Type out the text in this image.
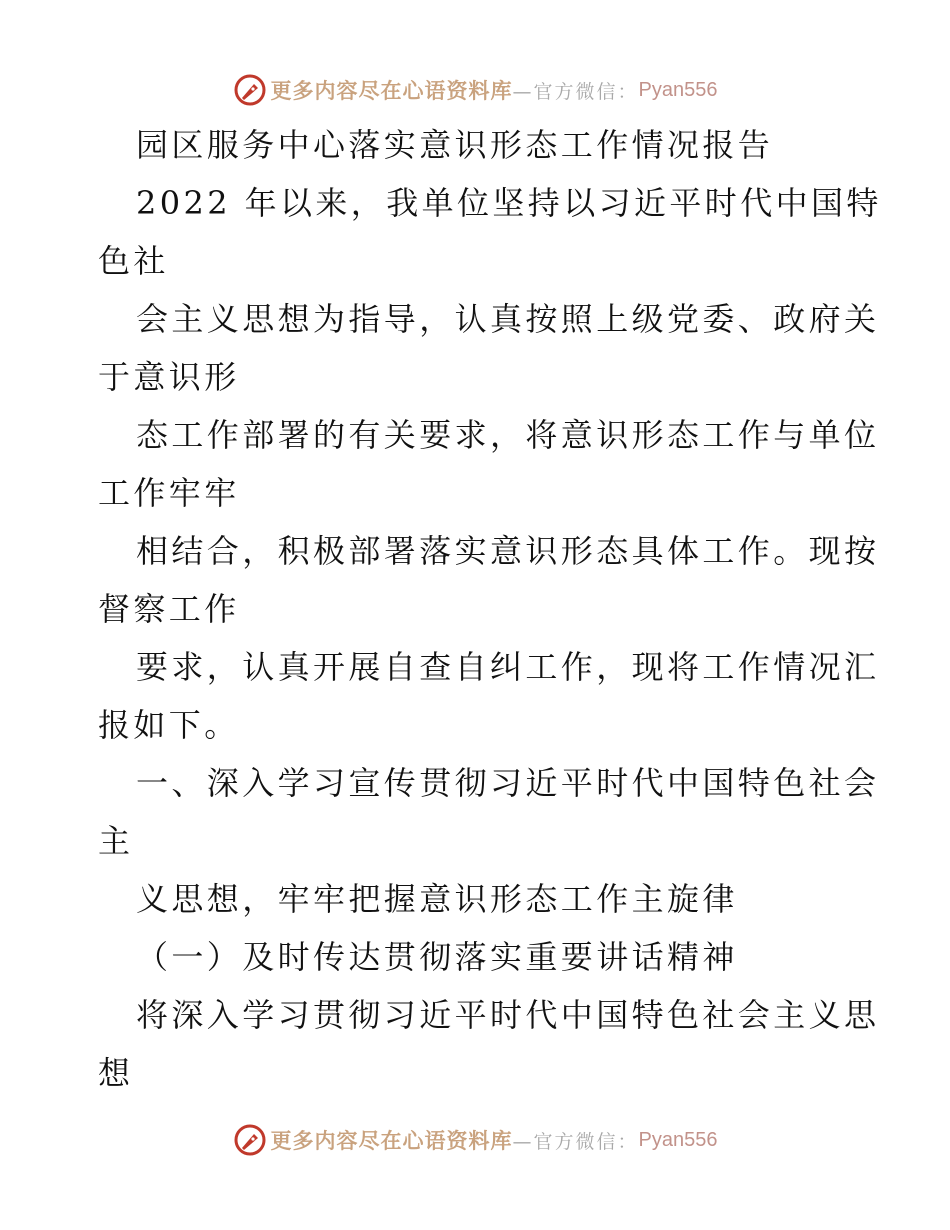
更多内容尽在心语资料库 —官方微信： Pyan556
园区服务中心落实意识形态工作情况报告
2022 年以来，我单位坚持以习近平时代中国特
色社
会主义思想为指导，认真按照上级党委、政府关
于意识形
态工作部署的有关要求，将意识形态工作与单位
工作牢牢
相结合，积极部署落实意识形态具体工作。现按
督察工作
要求，认真开展自查自纠工作，现将工作情况汇
报如下。
一、深入学习宣传贯彻习近平时代中国特色社会
主
义思想，牢牢把握意识形态工作主旋律
（一）及时传达贯彻落实重要讲话精神
将深入学习贯彻习近平时代中国特色社会主义思
想
更多内容尽在心语资料库 —官方微信： Pyan556
